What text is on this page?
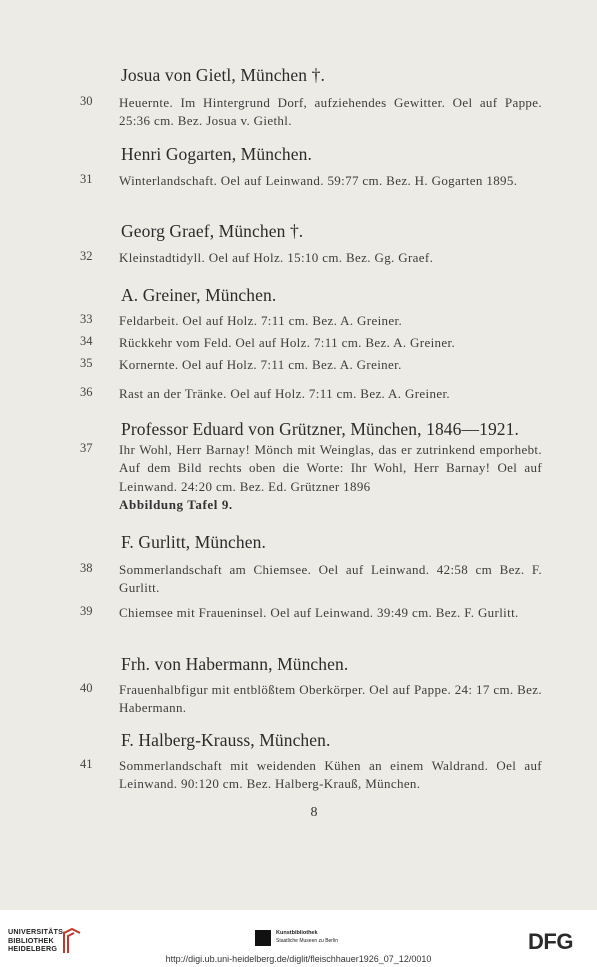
Josua von Gietl, München †.
30 Heuernte. Im Hintergrund Dorf, aufziehendes Gewitter. Oel auf Pappe. 25:36 cm. Bez. Josua v. Giethl.
Henri Gogarten, München.
31 Winterlandschaft. Oel auf Leinwand. 59:77 cm. Bez. H. Gogarten 1895.
Georg Graef, München †.
32 Kleinstadtidyll. Oel auf Holz. 15:10 cm. Bez. Gg. Graef.
A. Greiner, München.
33 Feldarbeit. Oel auf Holz. 7:11 cm. Bez. A. Greiner.
34 Rückkehr vom Feld. Oel auf Holz. 7:11 cm. Bez. A. Greiner.
35 Kornernte. Oel auf Holz. 7:11 cm. Bez. A. Greiner.
36 Rast an der Tränke. Oel auf Holz. 7:11 cm. Bez. A. Greiner.
Professor Eduard von Grützner, München, 1846—1921.
37 Ihr Wohl, Herr Barnay! Mönch mit Weinglas, das er zutrinkend emporhebt. Auf dem Bild rechts oben die Worte: Ihr Wohl, Herr Barnay! Oel auf Leinwand. 24:20 cm. Bez. Ed. Grützner 1896
Abbildung Tafel 9.
F. Gurlitt, München.
38 Sommerlandschaft am Chiemsee. Oel auf Leinwand. 42:58 cm Bez. F. Gurlitt.
39 Chiemsee mit Fraueninsel. Oel auf Leinwand. 39:49 cm. Bez. F. Gurlitt.
Frh. von Habermann, München.
40 Frauenhalbfigur mit entblößtem Oberkörper. Oel auf Pappe. 24: 17 cm. Bez. Habermann.
F. Halberg-Krauss, München.
41 Sommerlandschaft mit weidenden Kühen an einem Waldrand. Oel auf Leinwand. 90:120 cm. Bez. Halberg-Krauß, München.
8
UNIVERSITÄTS-
BIBLIOTHEK
HEIDELBERG
Kunstbibliothek
Staatliche Museen zu Berlin	DFG
http://digi.ub.uni-heidelberg.de/diglit/fleischhauer1926_07_12/0010
